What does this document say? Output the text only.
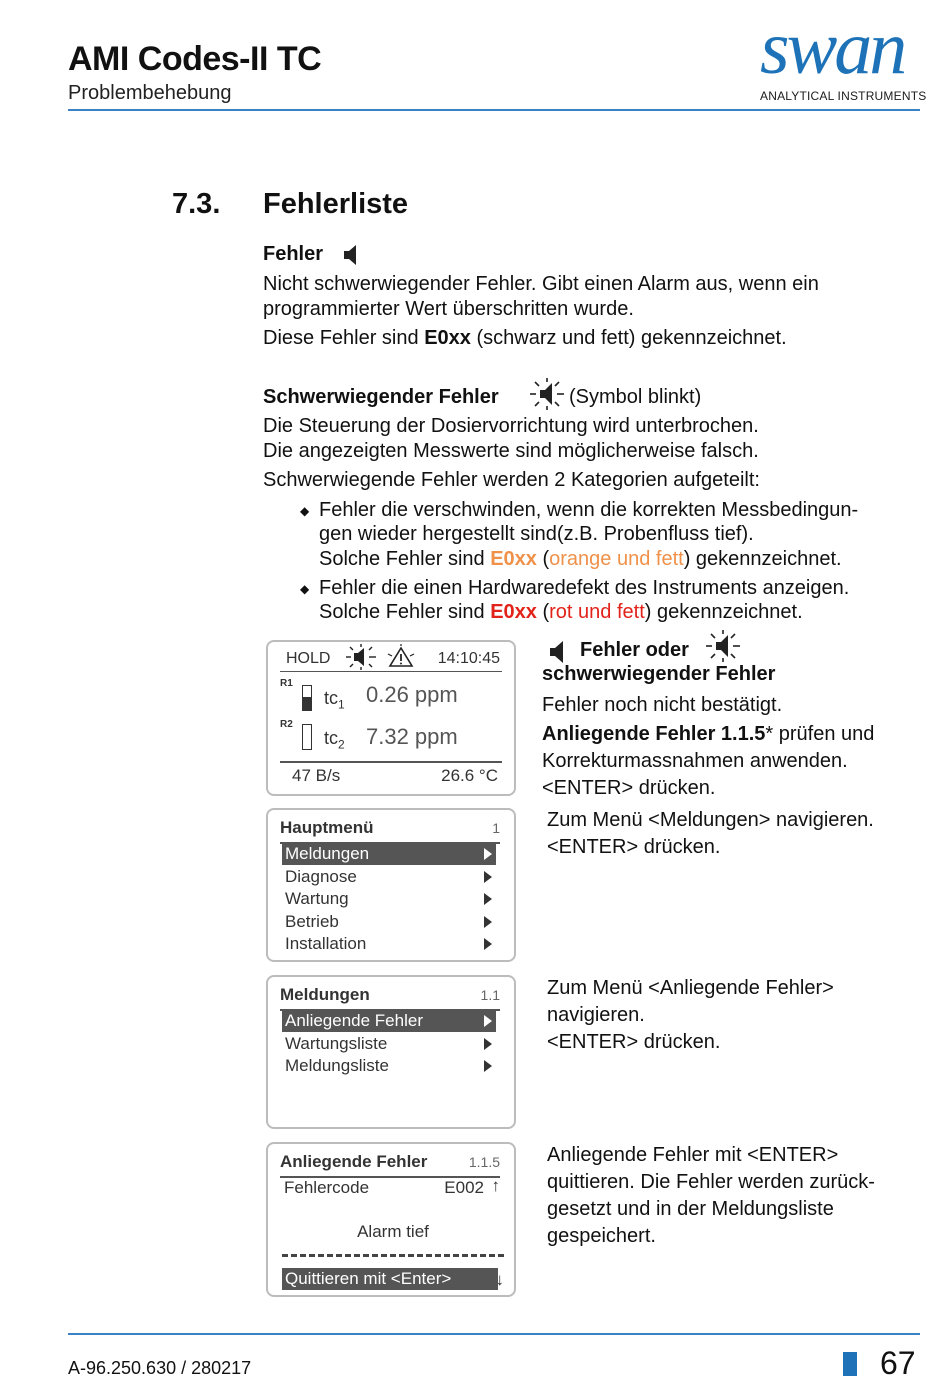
AMI Codes-II TC
Problembehebung
swan
ANALYTICAL INSTRUMENTS
7.3. Fehlerliste
Fehler
Nicht schwerwiegender Fehler. Gibt einen Alarm aus, wenn ein
programmierter Wert überschritten wurde.
Diese Fehler sind E0xx (schwarz und fett) gekennzeichnet.
Schwerwiegender Fehler	(Symbol blinkt)
Die Steuerung der Dosiervorrichtung wird unterbrochen.
Die angezeigten Messwerte sind möglicherweise falsch.
Schwerwiegende Fehler werden 2 Kategorien aufgeteilt:
◆ Fehler die verschwinden, wenn die korrekten Messbedingun-
gen wieder hergestellt sind(z.B. Probenfluss tief).
Solche Fehler sind E0xx (orange und fett) gekennzeichnet.
◆ Fehler die einen Hardwaredefekt des Instruments anzeigen.
Solche Fehler sind E0xx (rot und fett) gekennzeichnet.
HOLD	14:10:45
R1
$tc_1$ 0.26 ppm
R2
$tc_2$ 7.32 ppm
47 B/s	26.6 °C
Fehler oder
schwerwiegender Fehler
Fehler noch nicht bestätigt.
Anliegende Fehler 1.1.5* prüfen und
Korrekturmassnahmen anwenden.
<ENTER> drücken.
Hauptmenü	1
Meldungen
Diagnose
Wartung
Betrieb
Installation
Zum Menü <Meldungen> navigieren.
<ENTER> drücken.
Meldungen	1.1
Anliegende Fehler
Wartungsliste
Meldungsliste
Zum Menü <Anliegende Fehler>
navigieren.
<ENTER> drücken.
Anliegende Fehler	1.1.5
Fehlercode	E002 ↑
Alarm tief
Quittieren mit <Enter>	↓
Anliegende Fehler mit <ENTER>
quittieren. Die Fehler werden zurück-
gesetzt und in der Meldungsliste
gespeichert.
A-96.250.630 / 280217	67
